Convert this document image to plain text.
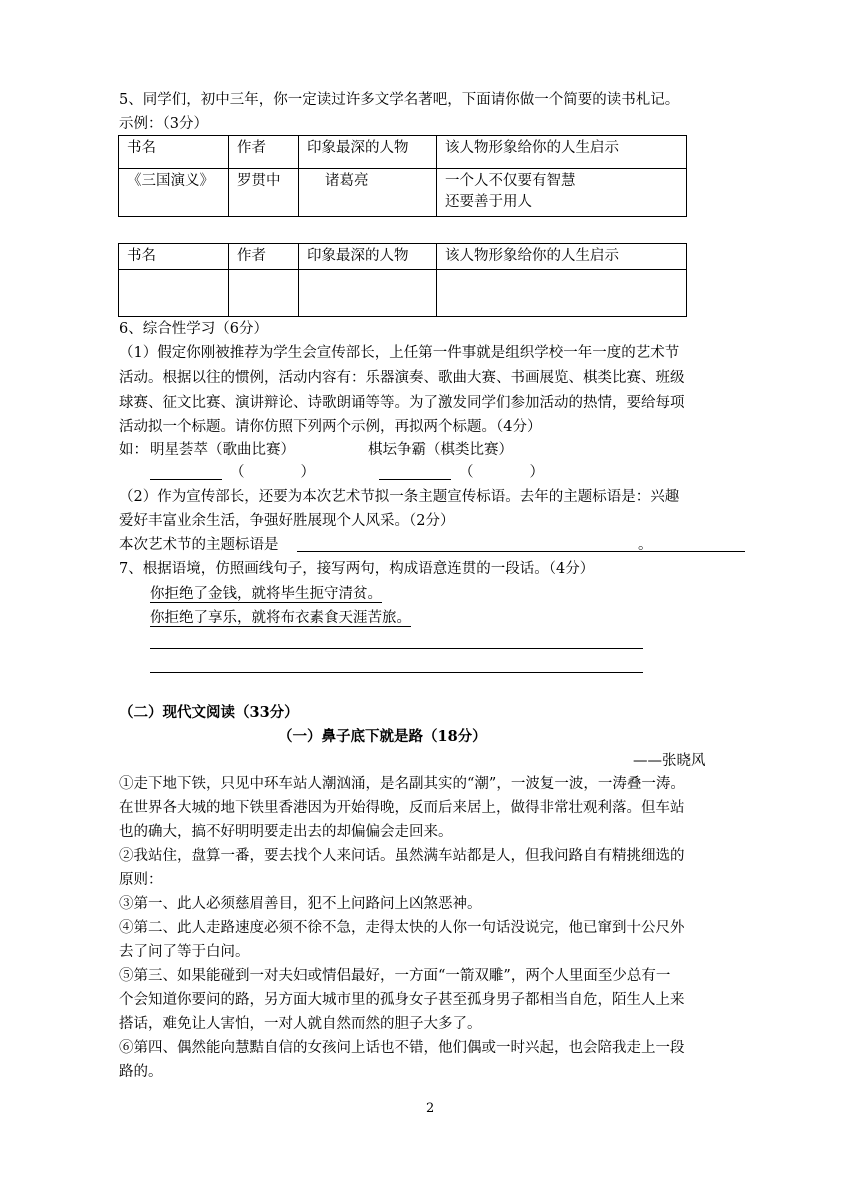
5、同学们，初中三年，你一定读过许多文学名著吧，下面请你做一个简要的读书札记。
示例：（3分）
书名	作者	印象最深的人物	该人物形象给你的人生启示
《三国演义》	罗贯中	诸葛亮	一个人不仅要有智慧
还要善于用人
书名	作者	印象最深的人物	该人物形象给你的人生启示

6、综合性学习（6分）
（1）假定你刚被推荐为学生会宣传部长，上任第一件事就是组织学校一年一度的艺术节
活动。根据以往的惯例，活动内容有：乐器演奏、歌曲大赛、书画展览、棋类比赛、班级
球赛、征文比赛、演讲辩论、诗歌朗诵等等。为了激发同学们参加活动的热情，要给每项
活动拟一个标题。请你仿照下列两个示例，再拟两个标题。（4分）
如： 明星荟萃（歌曲比赛）	棋坛争霸（棋类比赛）
（	）	（	）
（2）作为宣传部长，还要为本次艺术节拟一条主题宣传标语。去年的主题标语是：兴趣
爱好丰富业余生活，争强好胜展现个人风采。（2分）
本次艺术节的主题标语是	。
7、根据语境，仿照画线句子，接写两句，构成语意连贯的一段话。（4分）
你拒绝了金钱，就将毕生扼守清贫。
你拒绝了享乐，就将布衣素食天涯苦旅。
（二）现代文阅读（33分）
（一）鼻子底下就是路（18分）
——张晓风
①走下地下铁，只见中环车站人潮汹涌，是名副其实的“潮”，一波复一波，一涛叠一涛。
在世界各大城的地下铁里香港因为开始得晚，反而后来居上，做得非常壮观利落。但车站
也的确大，搞不好明明要走出去的却偏偏会走回来。
②我站住，盘算一番，要去找个人来问话。虽然满车站都是人，但我问路自有精挑细选的
原则：
③第一、此人必须慈眉善目，犯不上问路问上凶煞恶神。
④第二、此人走路速度必须不徐不急，走得太快的人你一句话没说完，他已窜到十公尺外
去了问了等于白问。
⑤第三、如果能碰到一对夫妇或情侣最好，一方面“一箭双雕”，两个人里面至少总有一
个会知道你要问的路，另方面大城市里的孤身女子甚至孤身男子都相当自危，陌生人上来
搭话，难免让人害怕，一对人就自然而然的胆子大多了。
⑥第四、偶然能向慧黠自信的女孩问上话也不错，他们偶或一时兴起，也会陪我走上一段
路的。
2
